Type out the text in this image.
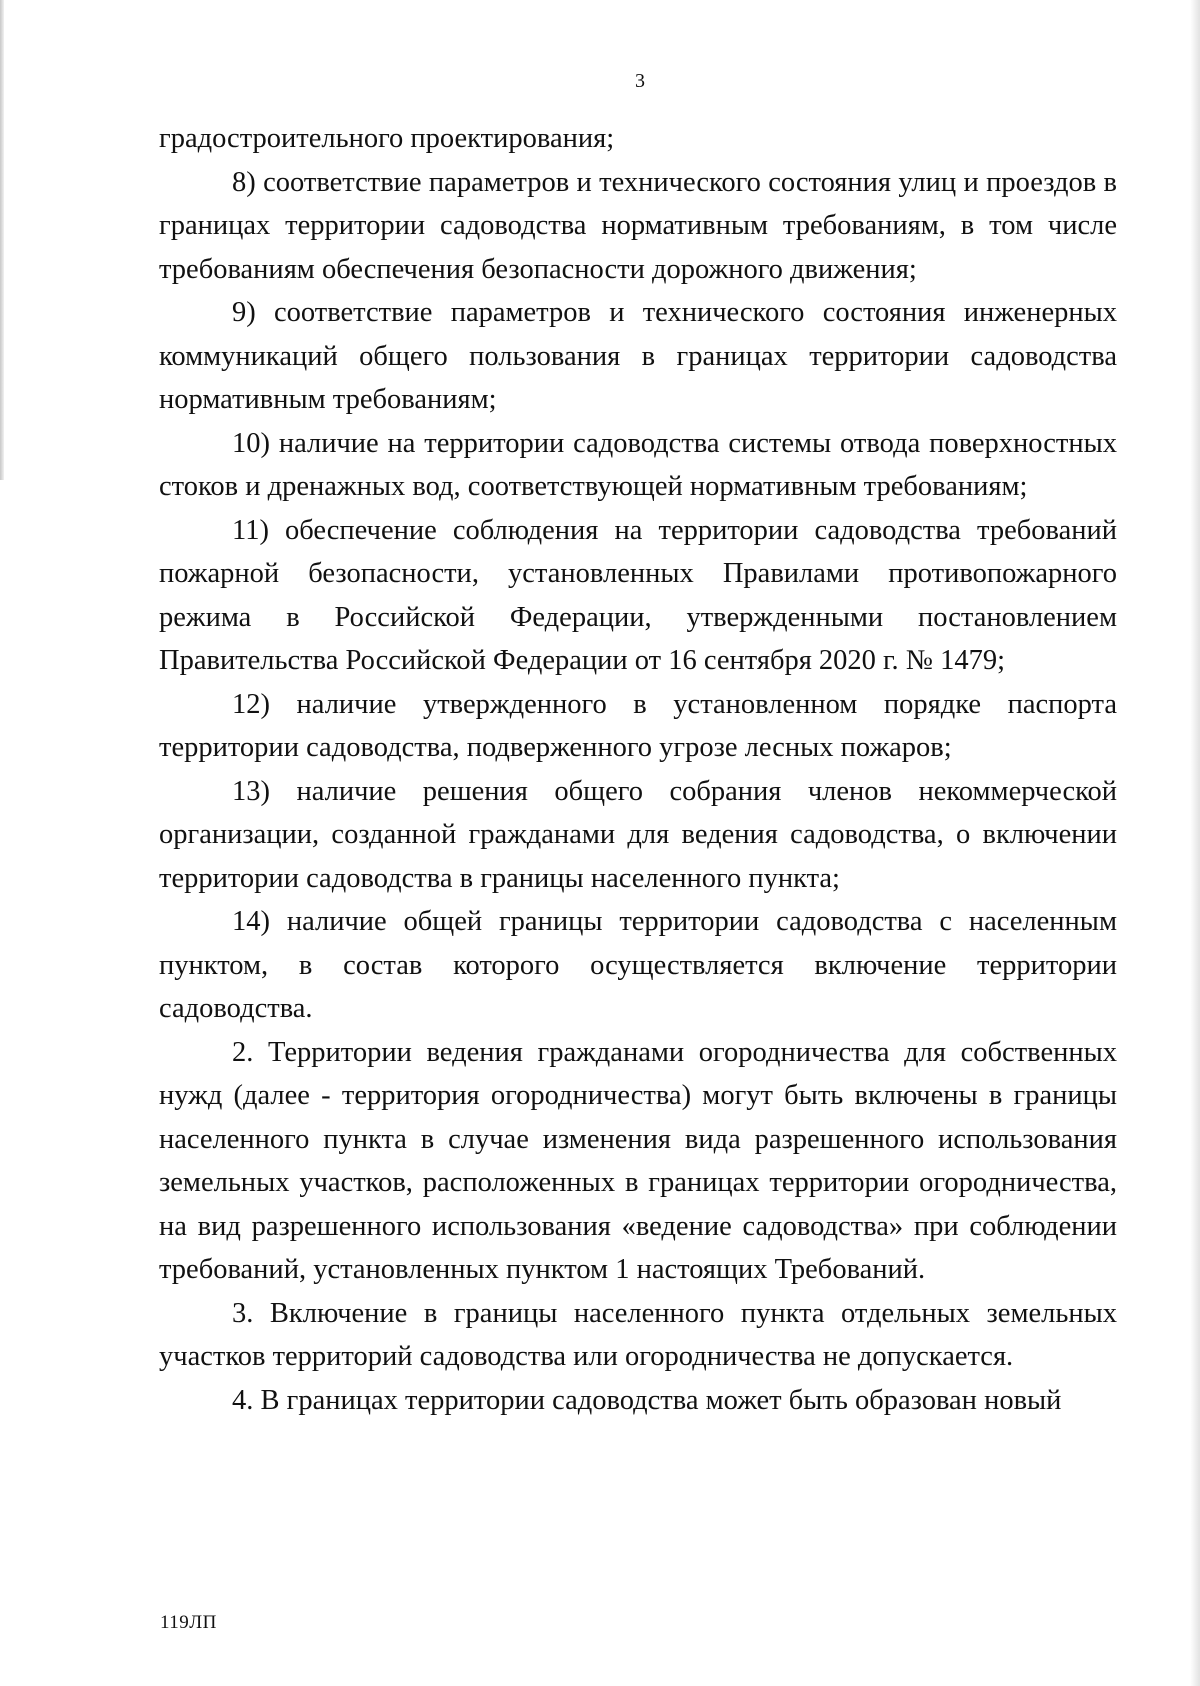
3

градостроительного проектирования;

8) соответствие параметров и технического состояния улиц и проездов в границах территории садоводства нормативным требованиям, в том числе требованиям обеспечения безопасности дорожного движения;

9) соответствие параметров и технического состояния инженерных коммуникаций общего пользования в границах территории садоводства нормативным требованиям;

10) наличие на территории садоводства системы отвода поверхностных стоков и дренажных вод, соответствующей нормативным требованиям;

11) обеспечение соблюдения на территории садоводства требований пожарной безопасности, установленных Правилами противопожарного режима в Российской Федерации, утвержденными постановлением Правительства Российской Федерации от 16 сентября 2020 г. № 1479;

12) наличие утвержденного в установленном порядке паспорта территории садоводства, подверженного угрозе лесных пожаров;

13) наличие решения общего собрания членов некоммерческой организации, созданной гражданами для ведения садоводства, о включении территории садоводства в границы населенного пункта;

14) наличие общей границы территории садоводства с населенным пунктом, в состав которого осуществляется включение территории садоводства.

2. Территории ведения гражданами огородничества для собственных нужд (далее - территория огородничества) могут быть включены в границы населенного пункта в случае изменения вида разрешенного использования земельных участков, расположенных в границах территории огородничества, на вид разрешенного использования «ведение садоводства» при соблюдении требований, установленных пунктом 1 настоящих Требований.

3. Включение в границы населенного пункта отдельных земельных участков территорий садоводства или огородничества не допускается.

4. В границах территории садоводства может быть образован новый

119ЛП
